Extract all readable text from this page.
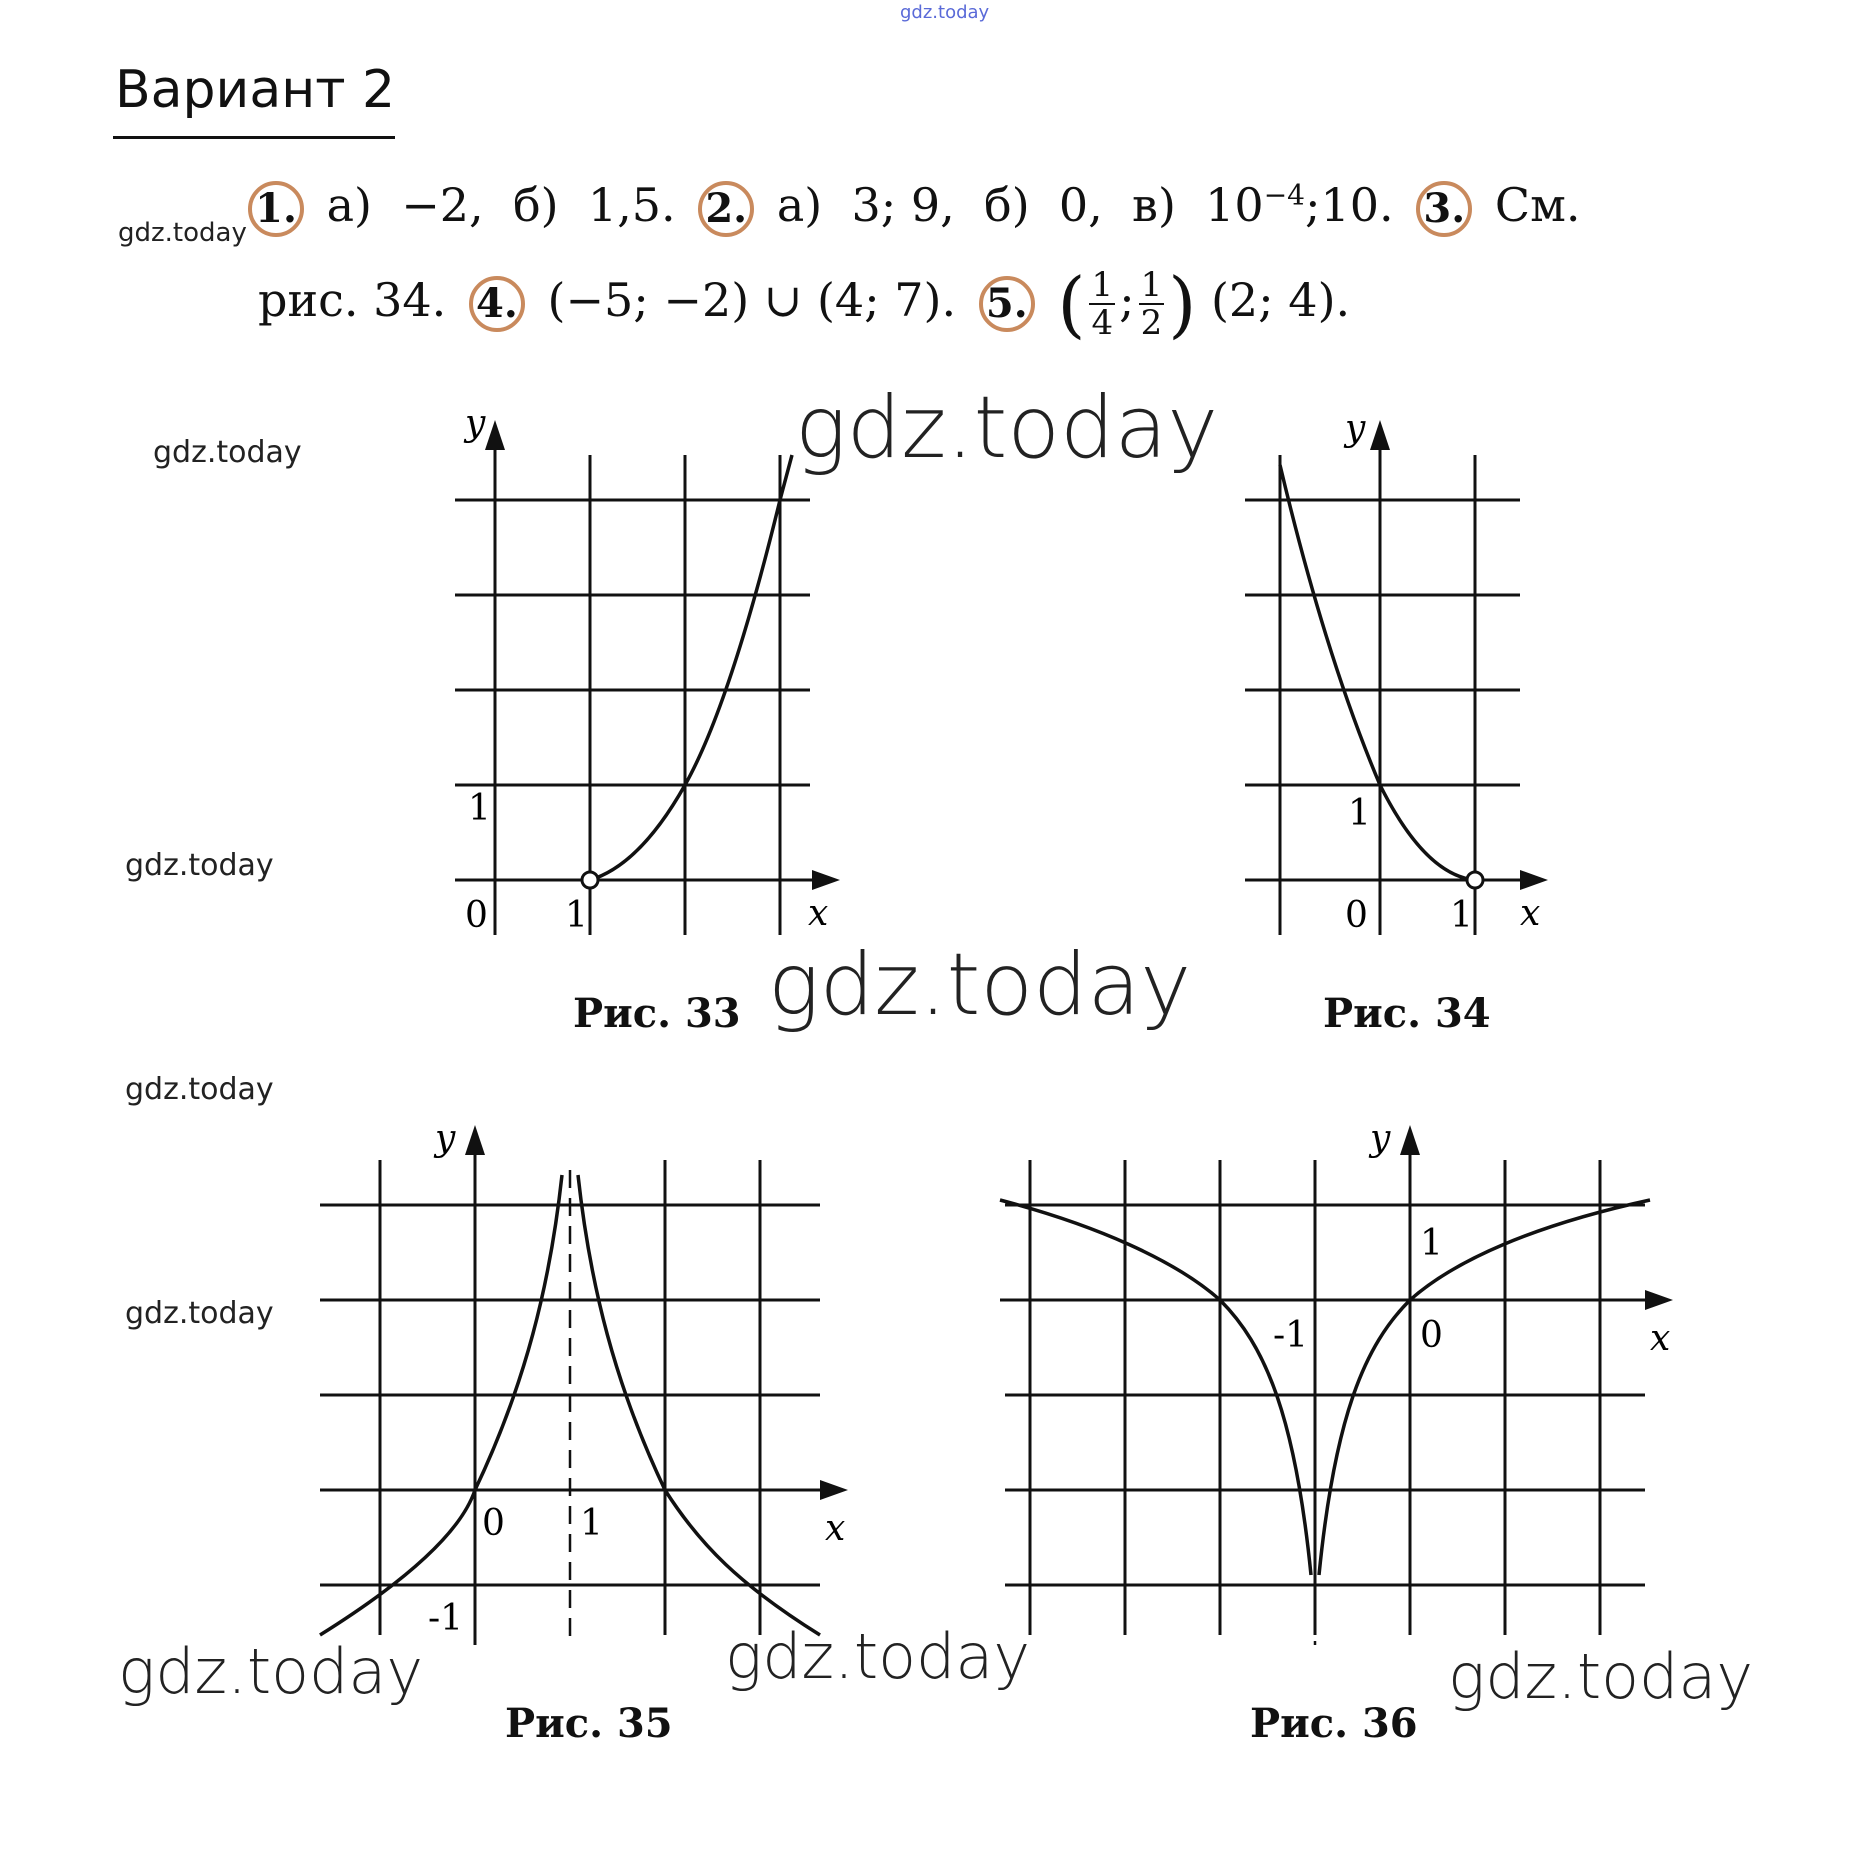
gdz.today
Вариант 2
1. а) −2, б) 1,5. 2. а) 3; 9, б) 0, в) $10^{-4};10$. 3. См.
рис. 34. 4. (−5; −2) ∪ (4; 7). 5. ( $\frac{1}{4}$ ; $\frac{1}{2}$ ) (2; 4).
gdz.today
gdz.today
gdz.today
gdz.today
gdz.today
y
x
0 1
1
Рис. 33
y
x
0 1
1
Рис. 34
y
x
0 1
-1
Рис. 35
y
x
0
-1
1
Рис. 36
gdz.today
gdz.today
gdz.today	gdz.today	gdz.today
